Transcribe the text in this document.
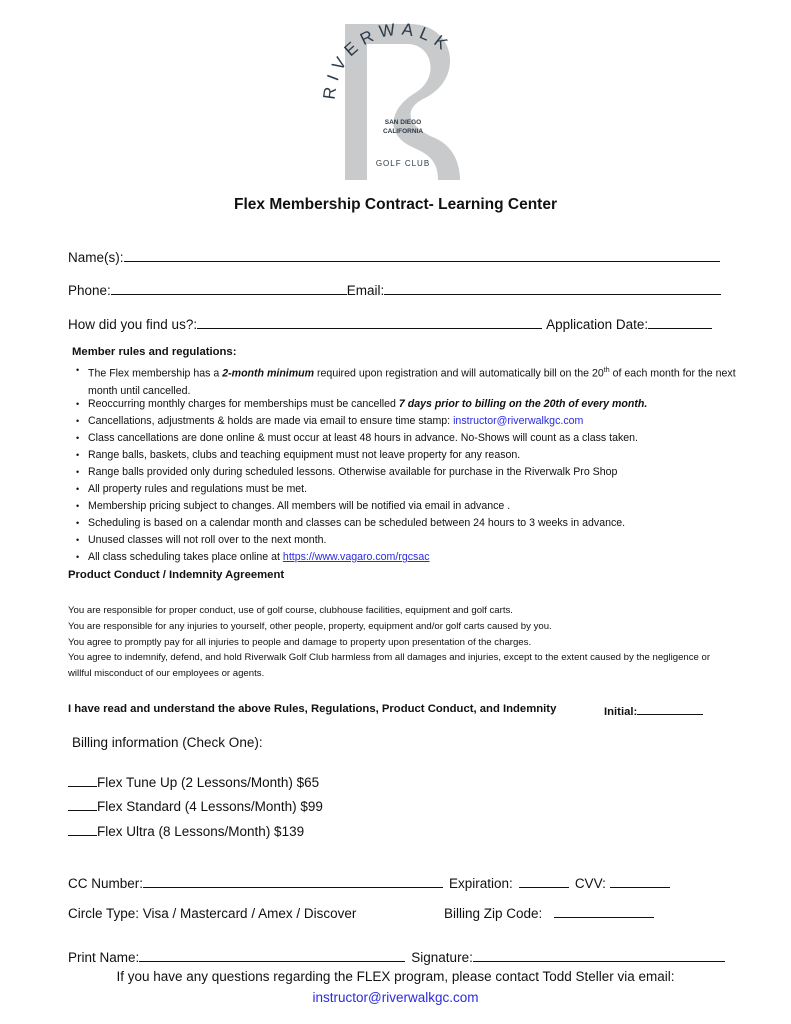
RIVERWALK
SAN DIEGO
CALIFORNIA
GOLF CLUB
Flex Membership Contract- Learning Center
Name(s):
Phone:	Email:
How did you find us?:	Application Date:
Member rules and regulations:
• The Flex membership has a 2-month minimum required upon registration and will automatically bill on the 20th of each month for the next month until cancelled.
• Reoccurring monthly charges for memberships must be cancelled 7 days prior to billing on the 20th of every month.
• Cancellations, adjustments & holds are made via email to ensure time stamp: instructor@riverwalkgc.com
• Class cancellations are done online & must occur at least 48 hours in advance. No-Shows will count as a class taken.
• Range balls, baskets, clubs and teaching equipment must not leave property for any reason.
• Range balls provided only during scheduled lessons. Otherwise available for purchase in the Riverwalk Pro Shop
• All property rules and regulations must be met.
• Membership pricing subject to changes. All members will be notified via email in advance .
• Scheduling is based on a calendar month and classes can be scheduled between 24 hours to 3 weeks in advance.
• Unused classes will not roll over to the next month.
• All class scheduling takes place online at https://www.vagaro.com/rgcsac
Product Conduct / Indemnity Agreement
You are responsible for proper conduct, use of golf course, clubhouse facilities, equipment and golf carts.
You are responsible for any injuries to yourself, other people, property, equipment and/or golf carts caused by you.
You agree to promptly pay for all injuries to people and damage to property upon presentation of the charges.
You agree to indemnify, defend, and hold Riverwalk Golf Club harmless from all damages and injuries, except to the extent caused by the negligence or willful misconduct of our employees or agents.
I have read and understand the above Rules, Regulations, Product Conduct, and Indemnity	Initial:
Billing information (Check One):
Flex Tune Up (2 Lessons/Month) $65
Flex Standard (4 Lessons/Month) $99
Flex Ultra (8 Lessons/Month) $139
CC Number:	Expiration:	CVV:
Circle Type: Visa / Mastercard / Amex / Discover	Billing Zip Code:
Print Name:	Signature:
If you have any questions regarding the FLEX program, please contact Todd Steller via email:
instructor@riverwalkgc.com
